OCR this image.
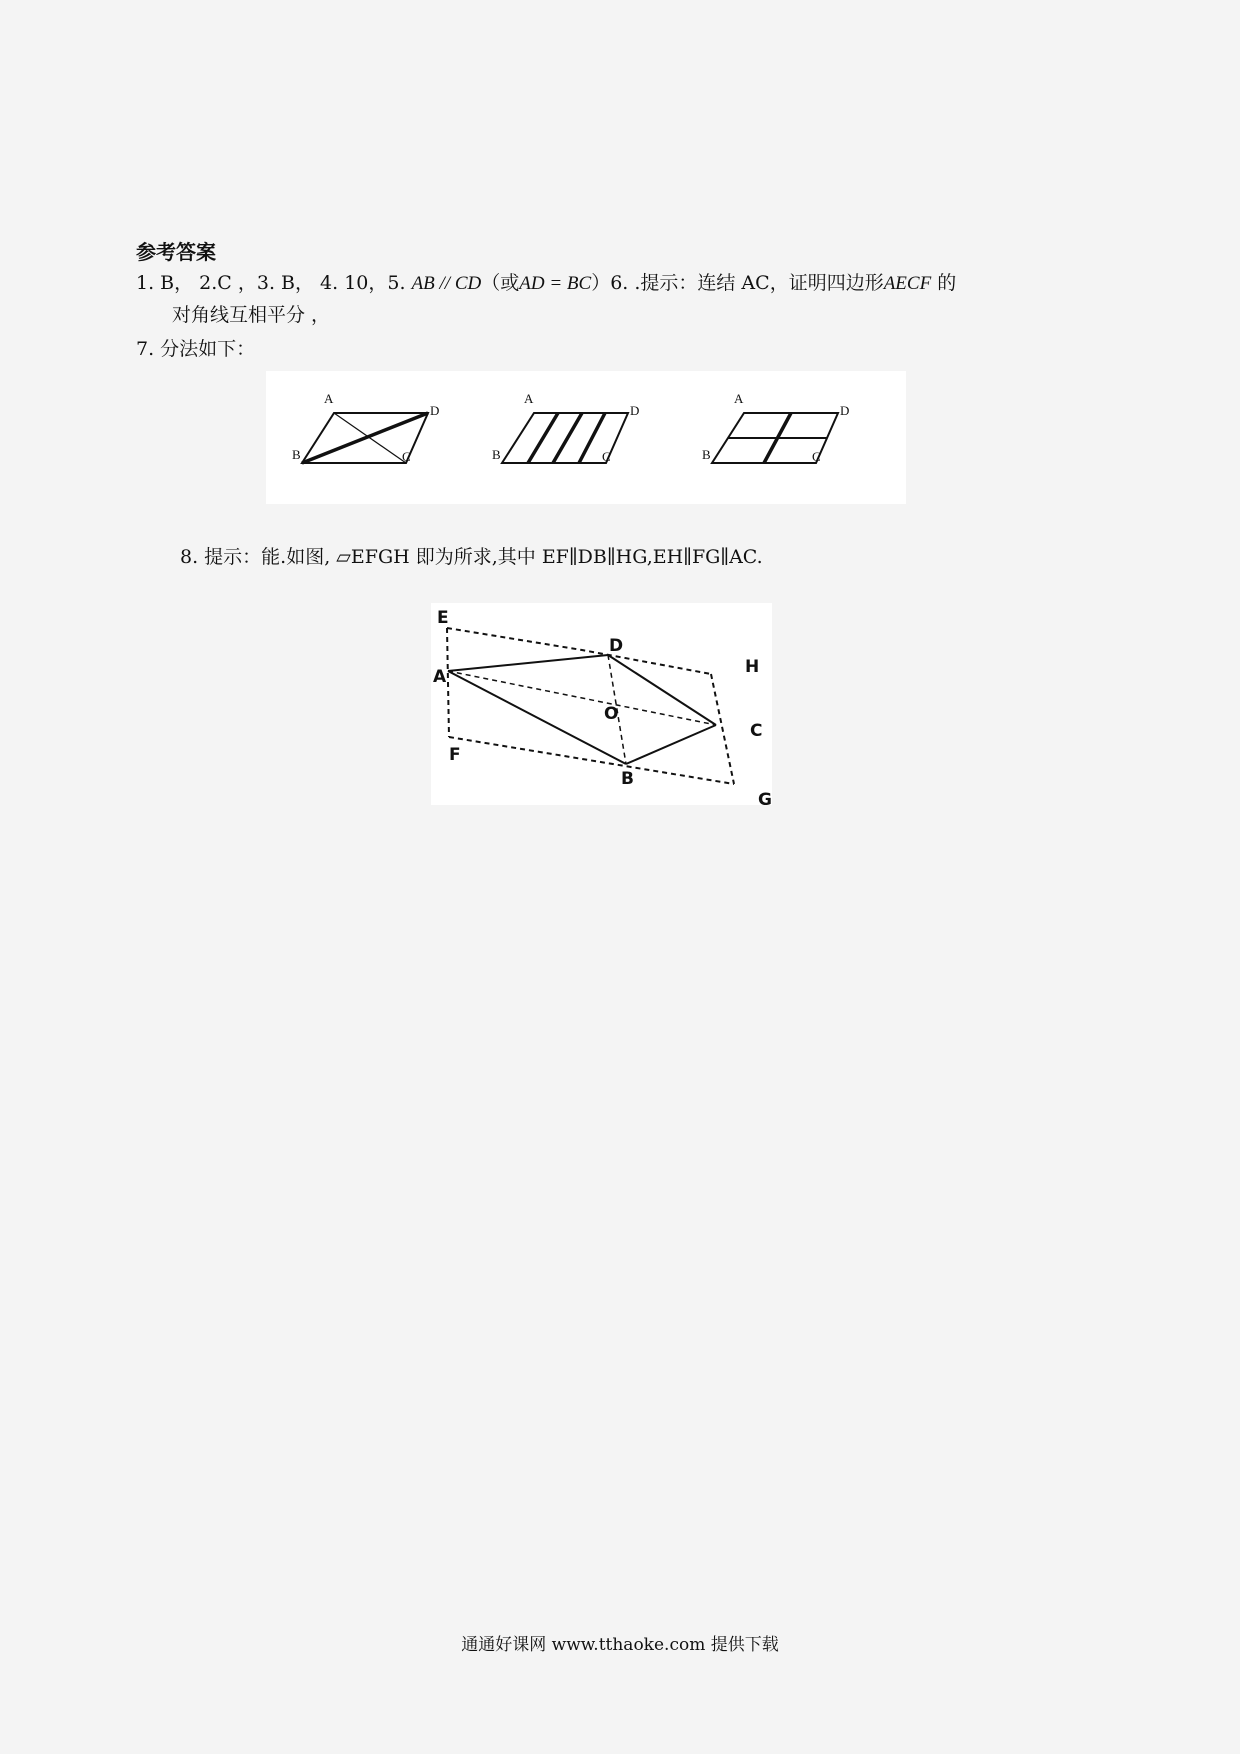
参考答案
1. B， 2.C ，3. B， 4. 10，5. AB // CD（或AD = BC）6. .提示：连结 AC，证明四边形AECF 的
对角线互相平分 ，
7. 分法如下：
A
D
B	C
A
D
B	C
A
D
B	C
8. 提示：能.如图, ▱EFGH 即为所求,其中 EF∥DB∥HG,EH∥FG∥AC.
E
D
H
A
O
C
F
B
G
通通好课网 www.tthaoke.com 提供下载
